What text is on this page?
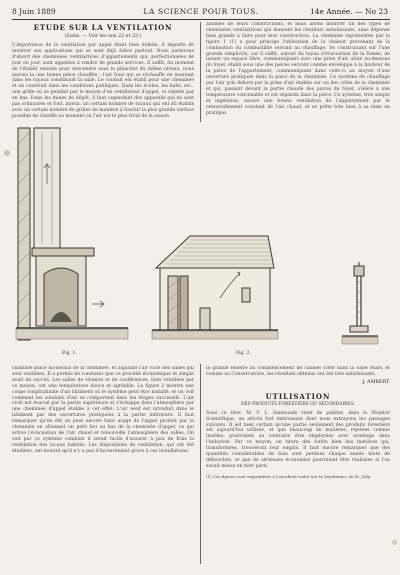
8 Juin 1889	LA SCIENCE POUR TOUS.	14e Année. — No 23
ÉTUDE SUR LA VENTILATION
(Suite. — Voir les nos 22 et 23.)

L'importance de la ventilation par appel étant bien établie, il importe de montrer ses applications qui se sont déjà faites partout. Nous parlerons d'abord des cheminées ventilatrices d'appartements qui, perfectionnées de jour en jour, sont appelées à rendre de grands services. Il suffit, du moment de l'établir ensuite pour descendre sous le plancher du même niveau, nous aurons la une bonne pièce chauffée : l'air frais qui se réchauffe en montant dans les tuyaux conduisant la salle. Le conduit est établi pour une cheminée et on construit dans les conditions publiques. Dans les écoles, les halls, etc., une grille où se pendait par le moyen d'un ventilateur d'appel, et rejetée par en bas. Dans les mines de dépôt, il faut cependant des appareils qui ne sont pas ordinaires et font, mieux, un certain nombre de tuyaux qui ont dû établis avec un certain nombre de grilles de manière à fournir la plus grande surface possible de chauffe au moment où l'air est le plus froid de la saison.

allumée de leurs constructions, et nous allons montrer un des types de cheminées ventilatrices qui donnent les résultats satisfaisants, sans dépense bien grande à faire pour leur construction. La cheminée représentée par la figure 1 (1) a pour principe l'utilisation de la chaleur provenant de la combustion du combustible servant au chauffage. Se construisant sur l'une grande simplicité, car il suffit, autour du tuyau d'évacuation de la fumée, de laisser un espace libre, communiquant avec une prise d'air, situé au-dessous du foyer, établi sous une des pièces servant comme enveloppe à la hauteur de la pièce de l'appartement, communiquant dans celle-ci au moyen d'une ouverture pratiquée dans la paroi de la cheminée. Ce système de chauffage par l'air pris dehors par la prise d'air établie sur un des côtés de la cheminée et qui, passant devant la partie chaude des parois du foyer, s'élève à une température convenable et est répandu dans la pièce. Ce système, très simple et ingénieux, assure une bonne ventilation de l'appartement par le renouvellement constant de l'air chaud, et se prête très bien à sa mise en pratique.

Fig. 1.	Fig. 2.

chambre placé au-dessus de la cheminée, et aspirant l'air vicié des salles qui sont ventilées. Il a permis de constater que ce procédé économique et simple avait du succès. Les salles de réunion et de conférences, bien ventilées par ce moyen, ont une température douce et agréable. La figure 2 montre une coupe longitudinale d'un bâtiment où le système peut être installé, et on voit comment les conduits d'air se comportent dans les étages successifs. L'air vicié est évacué par la partie supérieure et s'échappe dans l'atmosphère par une cheminée d'appel établie à cet effet. L'air neuf est introduit dans le bâtiment par des ouvertures pratiquées à la partie inférieure. Il faut remarquer qu'en été on peut encore faire usage de l'appel produit par la cheminée en allumant un petit feu au bas de la cheminée d'appel, ce qui active l'évacuation de l'air chaud et renouvelle l'atmosphère des salles. On voit par ce système combien il serait facile d'assurer à peu de frais la ventilation des locaux habités. Les dispositions de ventilation, qui ont été étudiées, ont montré qu'il n'y a pas d'inconvénient grave à ces installations.

la grande fenêtre au commencement de l'année 1888 dans la Salle Mars, et comme au Conservatoire, les résultats obtenus ont été très satisfaisants.

J. AMBERT.
UTILISATION
DES PRODUITS FORESTIERS OU SECONDAIRES.

Sous ce titre, M. V. L. Simmonds vient de publier, dans le Monitor Scientifique, un article fort intéressant dont nous extrayons les passages suivants. Il est bien certain qu'une partie seulement des produits forestiers est aujourd'hui utilisée, et que beaucoup de matières, rejetées comme inutiles, pourraient au contraire être employées avec avantage dans l'industrie. Par ce moyen, on tirera des forêts bien des matières qui, transformées, trouveront leur emploi. Il faut encore remarquer que des quantités considérables de bois sont perdues chaque année faute de débouchés, et que de sérieuses économies pourraient être réalisées si l'on savait mieux en tirer parti.

(1) Ces figures sont empruntées à l'excellent traité Sur la Ventilation, de M. Jolly.
